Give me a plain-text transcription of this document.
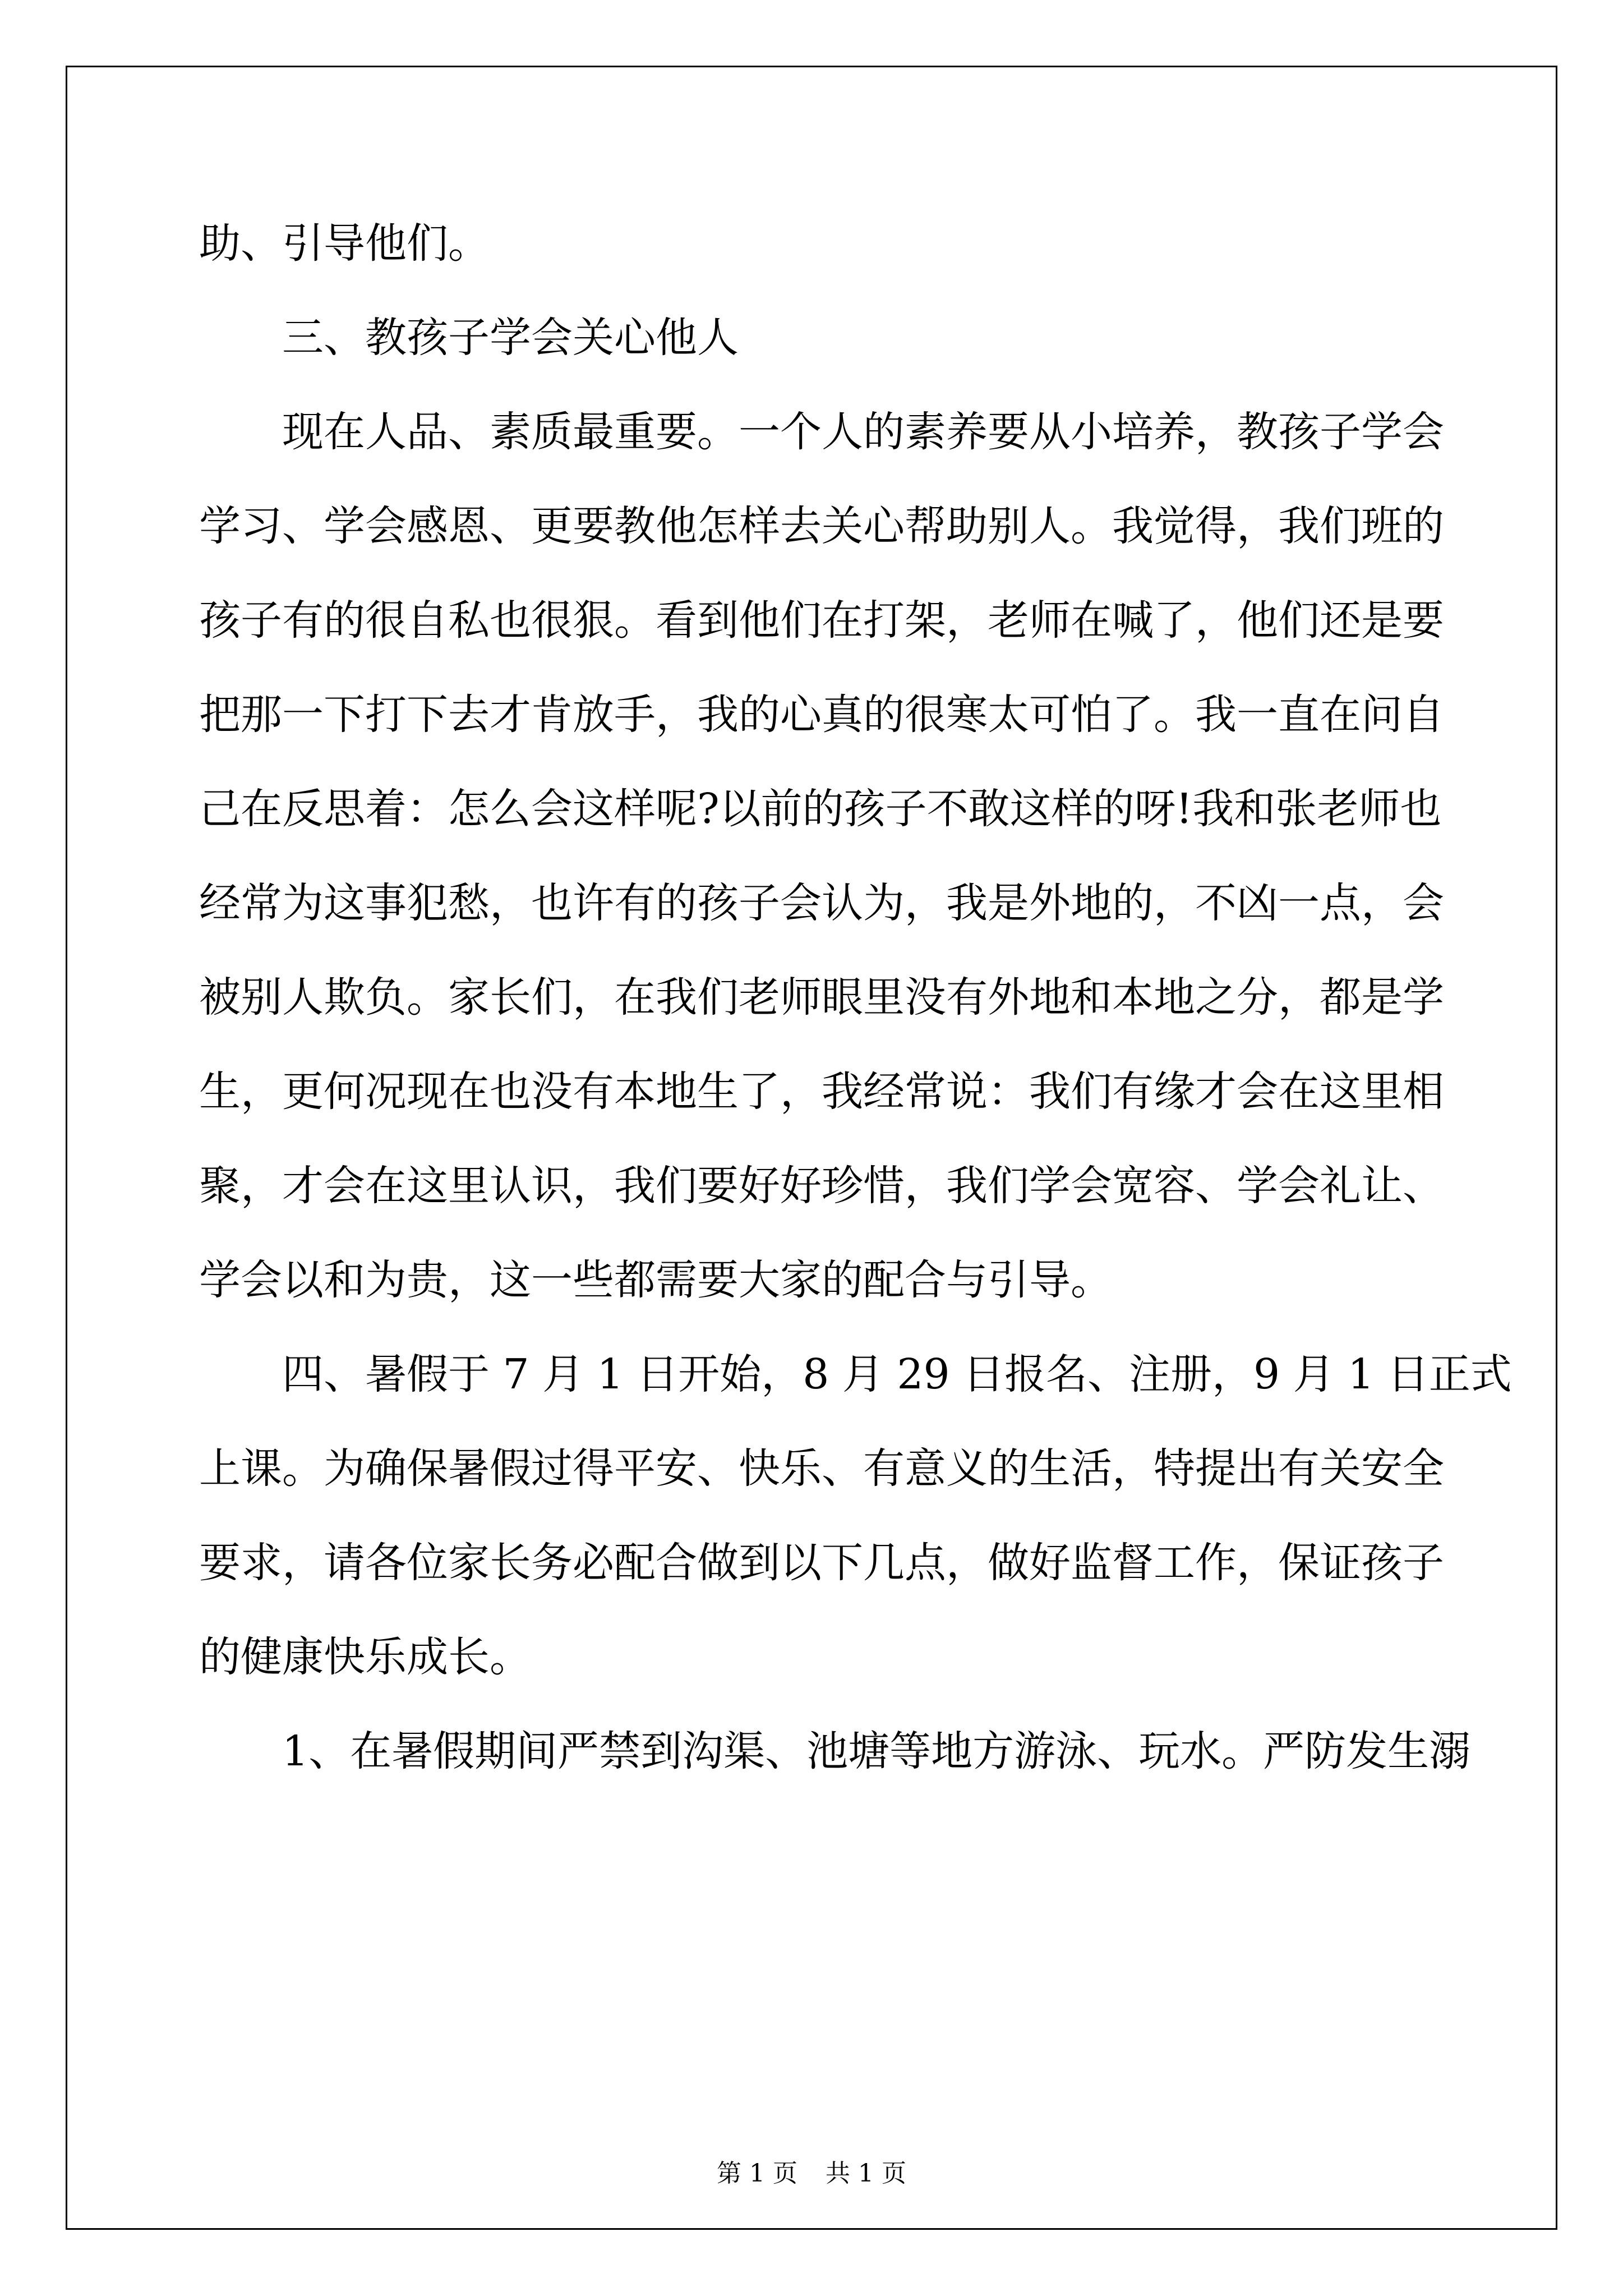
助、引导他们。
三、教孩子学会关心他人
现在人品、素质最重要。一个人的素养要从小培养，教孩子学会
学习、学会感恩、更要教他怎样去关心帮助别人。我觉得，我们班的
孩子有的很自私也很狠。看到他们在打架，老师在喊了，他们还是要
把那一下打下去才肯放手，我的心真的很寒太可怕了。我一直在问自
己在反思着：怎么会这样呢?以前的孩子不敢这样的呀!我和张老师也
经常为这事犯愁，也许有的孩子会认为，我是外地的，不凶一点，会
被别人欺负。家长们，在我们老师眼里没有外地和本地之分，都是学
生，更何况现在也没有本地生了，我经常说：我们有缘才会在这里相
聚，才会在这里认识，我们要好好珍惜，我们学会宽容、学会礼让、
学会以和为贵，这一些都需要大家的配合与引导。
四、暑假于 7 月 1 日开始，8 月 29 日报名、注册，9 月 1 日正式
上课。为确保暑假过得平安、快乐、有意义的生活，特提出有关安全
要求，请各位家长务必配合做到以下几点，做好监督工作，保证孩子
的健康快乐成长。
1、在暑假期间严禁到沟渠、池塘等地方游泳、玩水。严防发生溺
第 1 页 共 1 页
